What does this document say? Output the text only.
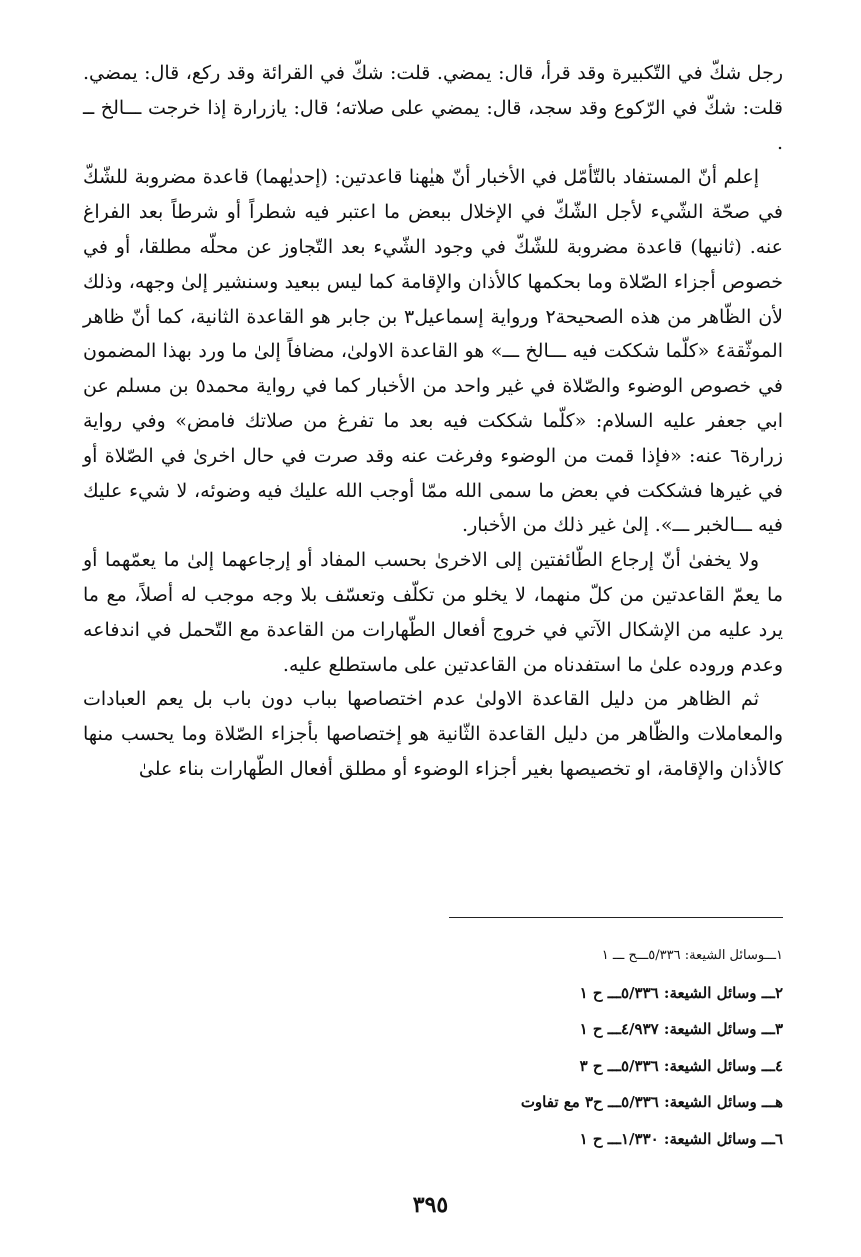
رجل شكّ في التّكبيرة وقد قرأ، قال: يمضي. قلت: شكّ في القرائة وقد ركع، قال: يمضي. قلت: شكّ في الرّكوع وقد سجد، قال: يمضي على صلاته؛ قال: يازرارة إذا خرجت ـــالخ ــ .

إعلم أنّ المستفاد بالتّأمّل في الأخبار أنّ هيٰهنا قاعدتين: (إحديٰهما) قاعدة مضروبة للشّكّ في صحّة الشّيء لأجل الشّكّ في الإخلال ببعض ما اعتبر فيه شطراً أو شرطاً بعد الفراغ عنه. (ثانيها) قاعدة مضروبة للشّكّ في وجود الشّيء بعد التّجاوز عن محلّه مطلقا، أو في خصوص أجزاء الصّلاة وما بحكمها كالأذان والإقامة كما ليس ببعيد وسنشير إلىٰ وجهه، وذلك لأن الظّاهر من هذه الصحيحة٢ ورواية إسماعيل٣ بن جابر هو القاعدة الثانية، كما أنّ ظاهر الموثّقة٤ «كلّما شككت فيه ـــالخ ـــ» هو القاعدة الاولىٰ، مضافاً إلىٰ ما ورد بهذا المضمون في خصوص الوضوء والصّلاة في غير واحد من الأخبار كما في رواية محمد٥ بن مسلم عن ابي جعفر عليه السلام: «كلّما شككت فيه بعد ما تفرغ من صلاتك فامض» وفي رواية زرارة٦ عنه: «فإذا قمت من الوضوء وفرغت عنه وقد صرت في حال اخرىٰ في الصّلاة أو في غيرها فشككت في بعض ما سمى الله ممّا أوجب الله عليك فيه وضوئه، لا شيء عليك فيه ـــالخبر ـــ». إلىٰ غير ذلك من الأخبار.

ولا يخفىٰ أنّ إرجاع الطّائفتين إلى الاخرىٰ بحسب المفاد أو إرجاعهما إلىٰ ما يعمّهما أو ما يعمّ القاعدتين من كلّ منهما، لا يخلو من تكلّف وتعسّف بلا وجه موجب له أصلاً، مع ما يرد عليه من الإشكال الآتي في خروج أفعال الطّهارات من القاعدة مع التّحمل في اندفاعه وعدم وروده علىٰ ما استفدناه من القاعدتين على ماستطلع عليه.

ثم الظاهر من دليل القاعدة الاولىٰ عدم اختصاصها بباب دون باب بل يعم العبادات والمعاملات والظّاهر من دليل القاعدة الثّانية هو إختصاصها بأجزاء الصّلاة وما يحسب منها كالأذان والإقامة، او تخصيصها بغير أجزاء الوضوء أو مطلق أفعال الطّهارات بناء علىٰ

١ـــوسائل الشيعة: ٥/٣٣٦ـــح ـــ ١
٢ـــ وسائل الشيعة: ٥/٣٣٦ـــ ح ١
٣ـــ وسائل الشيعة: ٤/٩٣٧ـــ ح ١
٤ـــ وسائل الشيعة: ٥/٣٣٦ـــ ح ٣
هـــ وسائل الشيعة: ٥/٣٣٦ـــ ح٣ مع تفاوت
٦ـــ وسائل الشيعة: ١/٣٣٠ـــ ح ١
٣٩٥
